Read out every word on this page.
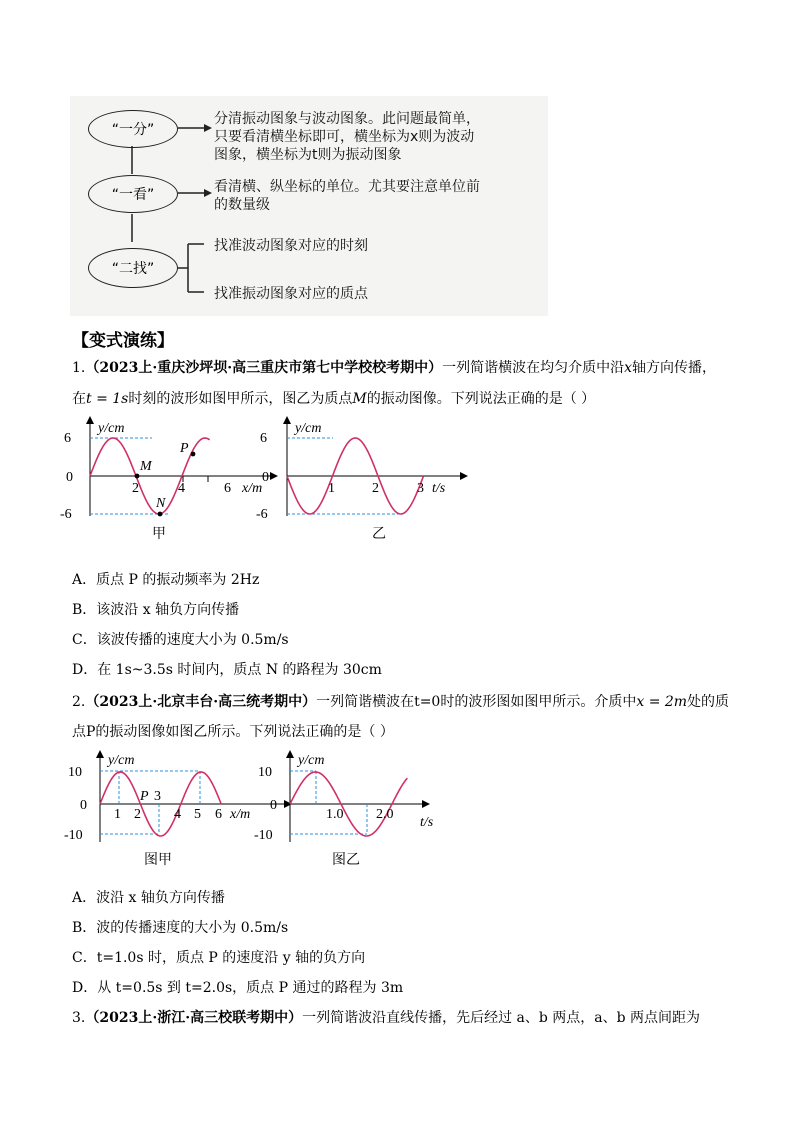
“一分”
“一看”
“二找”
分清振动图象与波动图象。此问题最简单，
只要看清横坐标即可，横坐标为x则为波动
图象，横坐标为t则为振动图象
看清横、纵坐标的单位。尤其要注意单位前
的数量级
找准波动图象对应的时刻
找准振动图象对应的质点
【变式演练】
1.（2023上·重庆沙坪坝·高三重庆市第七中学校校考期中）一列简谐横波在均匀介质中沿x轴方向传播，
在t = 1s时刻的波形如图甲所示，图乙为质点M的振动图像。下列说法正确的是（ ）
6
0
-6
2	4	6
y/cm
x/m
M
N
P
甲
6
0
-6
1	2	3
y/cm
t/s
乙
A．质点 P 的振动频率为 2Hz
B．该波沿 x 轴负方向传播
C．该波传播的速度大小为 0.5m/s
D．在 1s~3.5s 时间内，质点 N 的路程为 30cm
2.（2023上·北京丰台·高三统考期中）一列简谐横波在t=0时的波形图如图甲所示。介质中x = 2m处的质
点P的振动图像如图乙所示。下列说法正确的是（ ）
10
0
-10
1 2
3
4 5 6
P
y/cm
x/m
图甲
10
0
-10
1.0 2.0
y/cm
t/s
图乙
A．波沿 x 轴负方向传播
B．波的传播速度的大小为 0.5m/s
C．t=1.0s 时，质点 P 的速度沿 y 轴的负方向
D．从 t=0.5s 到 t=2.0s，质点 P 通过的路程为 3m
3.（2023上·浙江·高三校联考期中）一列简谐波沿直线传播，先后经过 a、b 两点，a、b 两点间距为
